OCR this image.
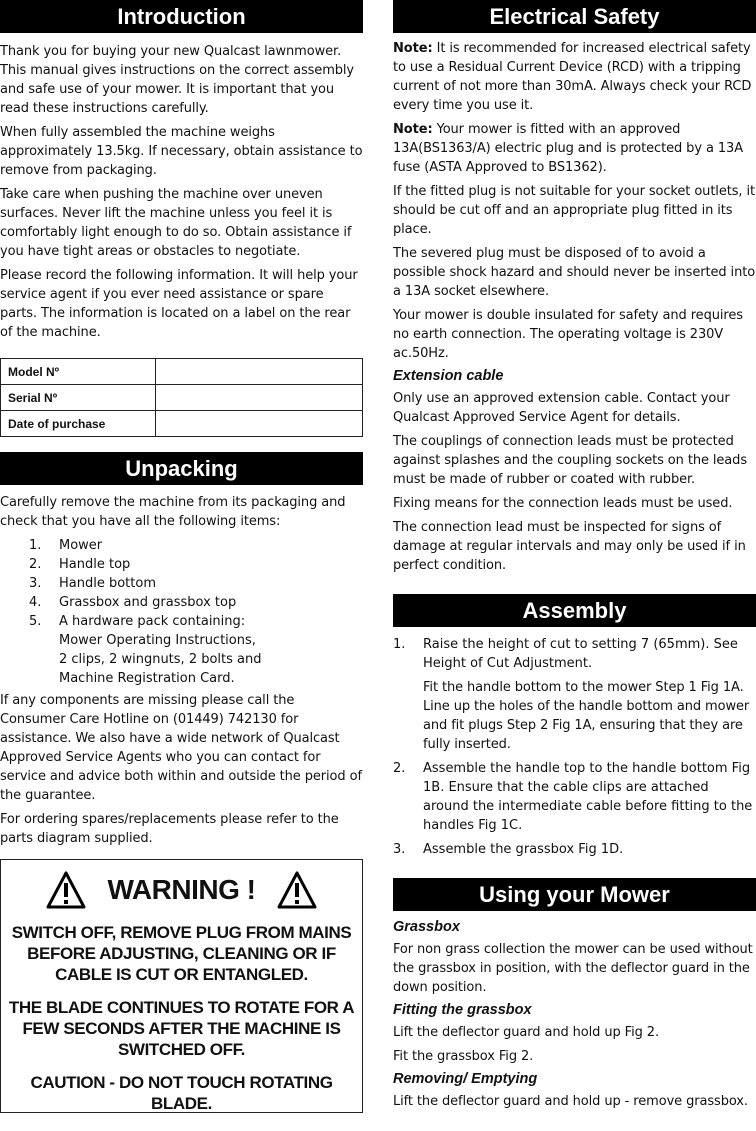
Introduction

Thank you for buying your new Qualcast lawnmower. This manual gives instructions on the correct assembly and safe use of your mower. It is important that you read these instructions carefully.

When fully assembled the machine weighs approximately 13.5kg. If necessary, obtain assistance to remove from packaging.

Take care when pushing the machine over uneven surfaces. Never lift the machine unless you feel it is comfortably light enough to do so. Obtain assistance if you have tight areas or obstacles to negotiate.

Please record the following information. It will help your service agent if you ever need assistance or spare parts. The information is located on a label on the rear of the machine.

Model Nº	
Serial Nº	
Date of purchase	
Unpacking

Carefully remove the machine from its packaging and check that you have all the following items:

1. Mower
2. Handle top
3. Handle bottom
4. Grassbox and grassbox top
5. A hardware pack containing:
Mower Operating Instructions,
2 clips, 2 wingnuts, 2 bolts and
Machine Registration Card.

If any components are missing please call the Consumer Care Hotline on (01449) 742130 for assistance. We also have a wide network of Qualcast Approved Service Agents who you can contact for service and advice both within and outside the period of the guarantee.

For ordering spares/replacements please refer to the parts diagram supplied.

WARNING !
SWITCH OFF, REMOVE PLUG FROM MAINS BEFORE ADJUSTING, CLEANING OR IF CABLE IS CUT OR ENTANGLED.
THE BLADE CONTINUES TO ROTATE FOR A FEW SECONDS AFTER THE MACHINE IS SWITCHED OFF.
CAUTION - DO NOT TOUCH ROTATING BLADE.
Electrical Safety

Note: It is recommended for increased electrical safety to use a Residual Current Device (RCD) with a tripping current of not more than 30mA. Always check your RCD every time you use it.

Note: Your mower is fitted with an approved 13A(BS1363/A) electric plug and is protected by a 13A fuse (ASTA Approved to BS1362).

If the fitted plug is not suitable for your socket outlets, it should be cut off and an appropriate plug fitted in its place.

The severed plug must be disposed of to avoid a possible shock hazard and should never be inserted into a 13A socket elsewhere.

Your mower is double insulated for safety and requires no earth connection. The operating voltage is 230V ac.50Hz.

Extension cable

Only use an approved extension cable. Contact your Qualcast Approved Service Agent for details.

The couplings of connection leads must be protected against splashes and the coupling sockets on the leads must be made of rubber or coated with rubber.

Fixing means for the connection leads must be used.

The connection lead must be inspected for signs of damage at regular intervals and may only be used if in perfect condition.

Assembly
1. Raise the height of cut to setting 7 (65mm). See Height of Cut Adjustment.

Fit the handle bottom to the mower Step 1 Fig 1A. Line up the holes of the handle bottom and mower and fit plugs Step 2 Fig 1A, ensuring that they are fully inserted.

2. Assemble the handle top to the handle bottom Fig 1B. Ensure that the cable clips are attached around the intermediate cable before fitting to the handles Fig 1C.
3. Assemble the grassbox Fig 1D.
Using your Mower
Grassbox

For non grass collection the mower can be used without the grassbox in position, with the deflector guard in the down position.

Fitting the grassbox

Lift the deflector guard and hold up Fig 2.

Fit the grassbox Fig 2.

Removing/ Emptying

Lift the deflector guard and hold up - remove grassbox.
